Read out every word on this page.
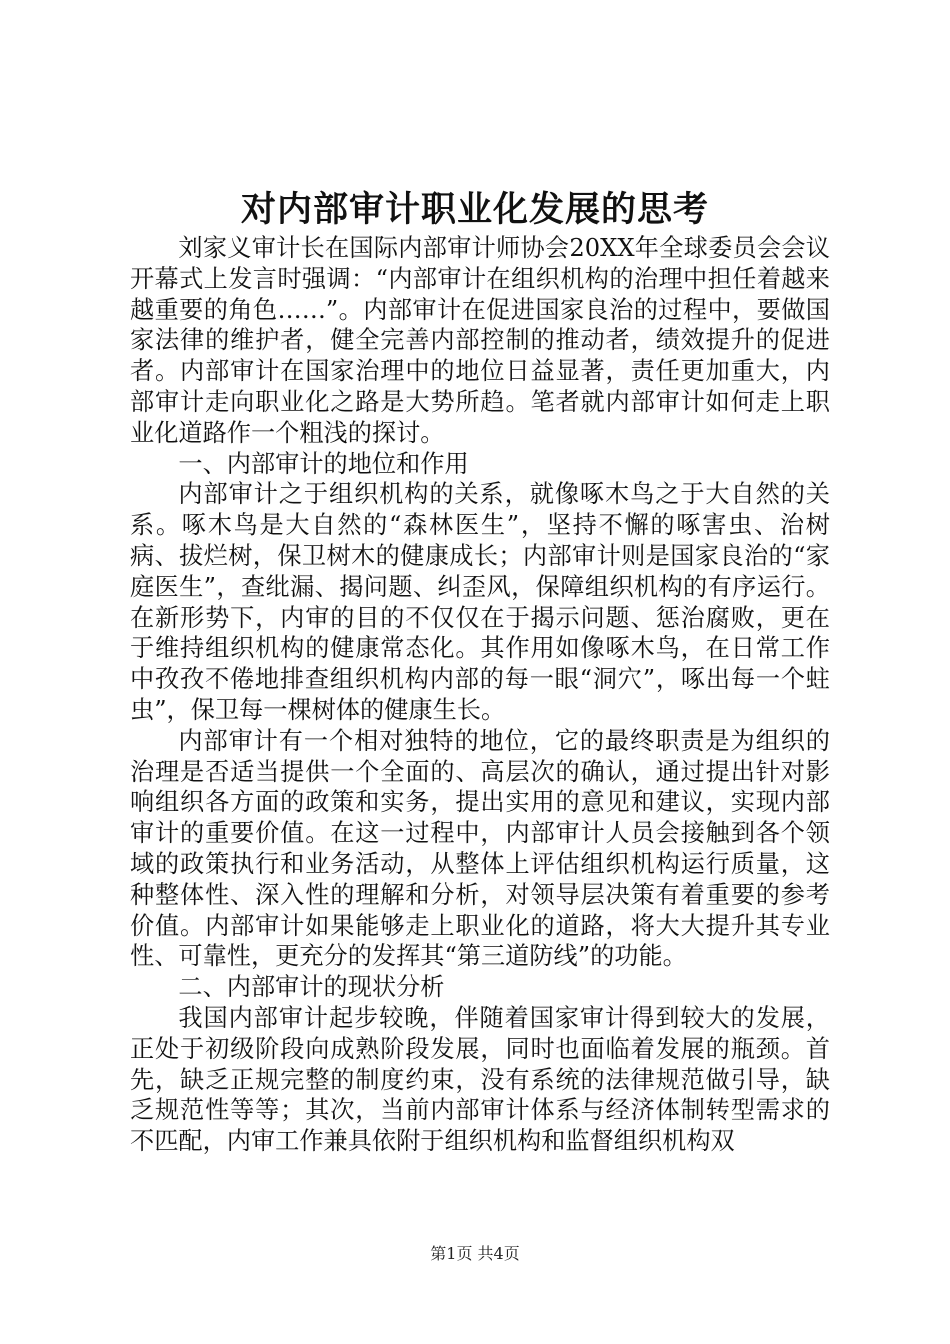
对内部审计职业化发展的思考

刘家义审计长在国际内部审计师协会20XX年全球委员会会议开幕式上发言时强调：“内部审计在组织机构的治理中担任着越来越重要的角色……”。内部审计在促进国家良治的过程中，要做国家法律的维护者，健全完善内部控制的推动者，绩效提升的促进者。内部审计在国家治理中的地位日益显著，责任更加重大，内部审计走向职业化之路是大势所趋。笔者就内部审计如何走上职业化道路作一个粗浅的探讨。

一、内部审计的地位和作用

内部审计之于组织机构的关系，就像啄木鸟之于大自然的关系。啄木鸟是大自然的“森林医生”，坚持不懈的啄害虫、治树病、拔烂树，保卫树木的健康成长；内部审计则是国家良治的“家庭医生”，查纰漏、揭问题、纠歪风，保障组织机构的有序运行。在新形势下，内审的目的不仅仅在于揭示问题、惩治腐败，更在于维持组织机构的健康常态化。其作用如像啄木鸟，在日常工作中孜孜不倦地排查组织机构内部的每一眼“洞穴”，啄出每一个蛀虫”，保卫每一棵树体的健康生长。

内部审计有一个相对独特的地位，它的最终职责是为组织的治理是否适当提供一个全面的、高层次的确认，通过提出针对影响组织各方面的政策和实务，提出实用的意见和建议，实现内部审计的重要价值。在这一过程中，内部审计人员会接触到各个领域的政策执行和业务活动，从整体上评估组织机构运行质量，这种整体性、深入性的理解和分析，对领导层决策有着重要的参考价值。内部审计如果能够走上职业化的道路，将大大提升其专业性、可靠性，更充分的发挥其“第三道防线”的功能。

二、内部审计的现状分析

我国内部审计起步较晚，伴随着国家审计得到较大的发展，正处于初级阶段向成熟阶段发展，同时也面临着发展的瓶颈。首先，缺乏正规完整的制度约束，没有系统的法律规范做引导，缺乏规范性等等；其次，当前内部审计体系与经济体制转型需求的不匹配，内审工作兼具依附于组织机构和监督组织机构双

第1页 共4页
